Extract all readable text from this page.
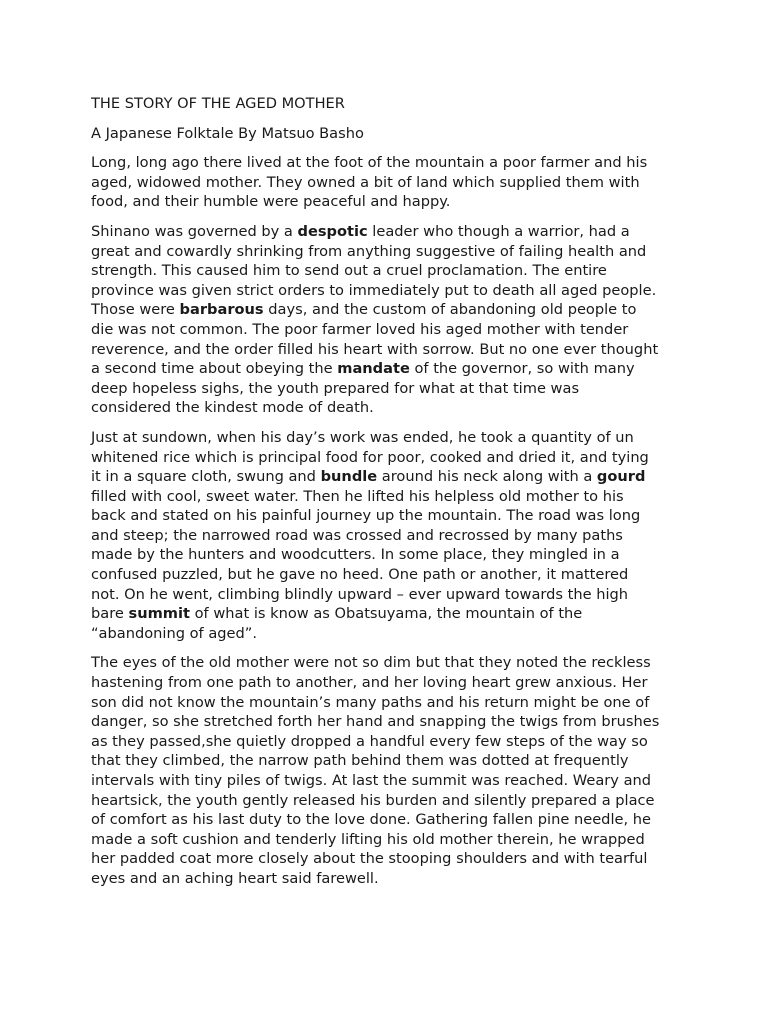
THE STORY OF THE AGED MOTHER
A Japanese Folktale By Matsuo Basho
Long, long ago there lived at the foot of the mountain a poor farmer and his
aged, widowed mother. They owned a bit of land which supplied them with
food, and their humble were peaceful and happy.
Shinano was governed by a despotic leader who though a warrior, had a
great and cowardly shrinking from anything suggestive of failing health and
strength. This caused him to send out a cruel proclamation. The entire
province was given strict orders to immediately put to death all aged people.
Those were barbarous days, and the custom of abandoning old people to
die was not common. The poor farmer loved his aged mother with tender
reverence, and the order filled his heart with sorrow. But no one ever thought
a second time about obeying the mandate of the governor, so with many
deep hopeless sighs, the youth prepared for what at that time was
considered the kindest mode of death.
Just at sundown, when his day’s work was ended, he took a quantity of un
whitened rice which is principal food for poor, cooked and dried it, and tying
it in a square cloth, swung and bundle around his neck along with a gourd
filled with cool, sweet water. Then he lifted his helpless old mother to his
back and stated on his painful journey up the mountain. The road was long
and steep; the narrowed road was crossed and recrossed by many paths
made by the hunters and woodcutters. In some place, they mingled in a
confused puzzled, but he gave no heed. One path or another, it mattered
not. On he went, climbing blindly upward – ever upward towards the high
bare summit of what is know as Obatsuyama, the mountain of the
“abandoning of aged”.
The eyes of the old mother were not so dim but that they noted the reckless
hastening from one path to another, and her loving heart grew anxious. Her
son did not know the mountain’s many paths and his return might be one of
danger, so she stretched forth her hand and snapping the twigs from brushes
as they passed,she quietly dropped a handful every few steps of the way so
that they climbed, the narrow path behind them was dotted at frequently
intervals with tiny piles of twigs. At last the summit was reached. Weary and
heartsick, the youth gently released his burden and silently prepared a place
of comfort as his last duty to the love done. Gathering fallen pine needle, he
made a soft cushion and tenderly lifting his old mother therein, he wrapped
her padded coat more closely about the stooping shoulders and with tearful
eyes and an aching heart said farewell.
